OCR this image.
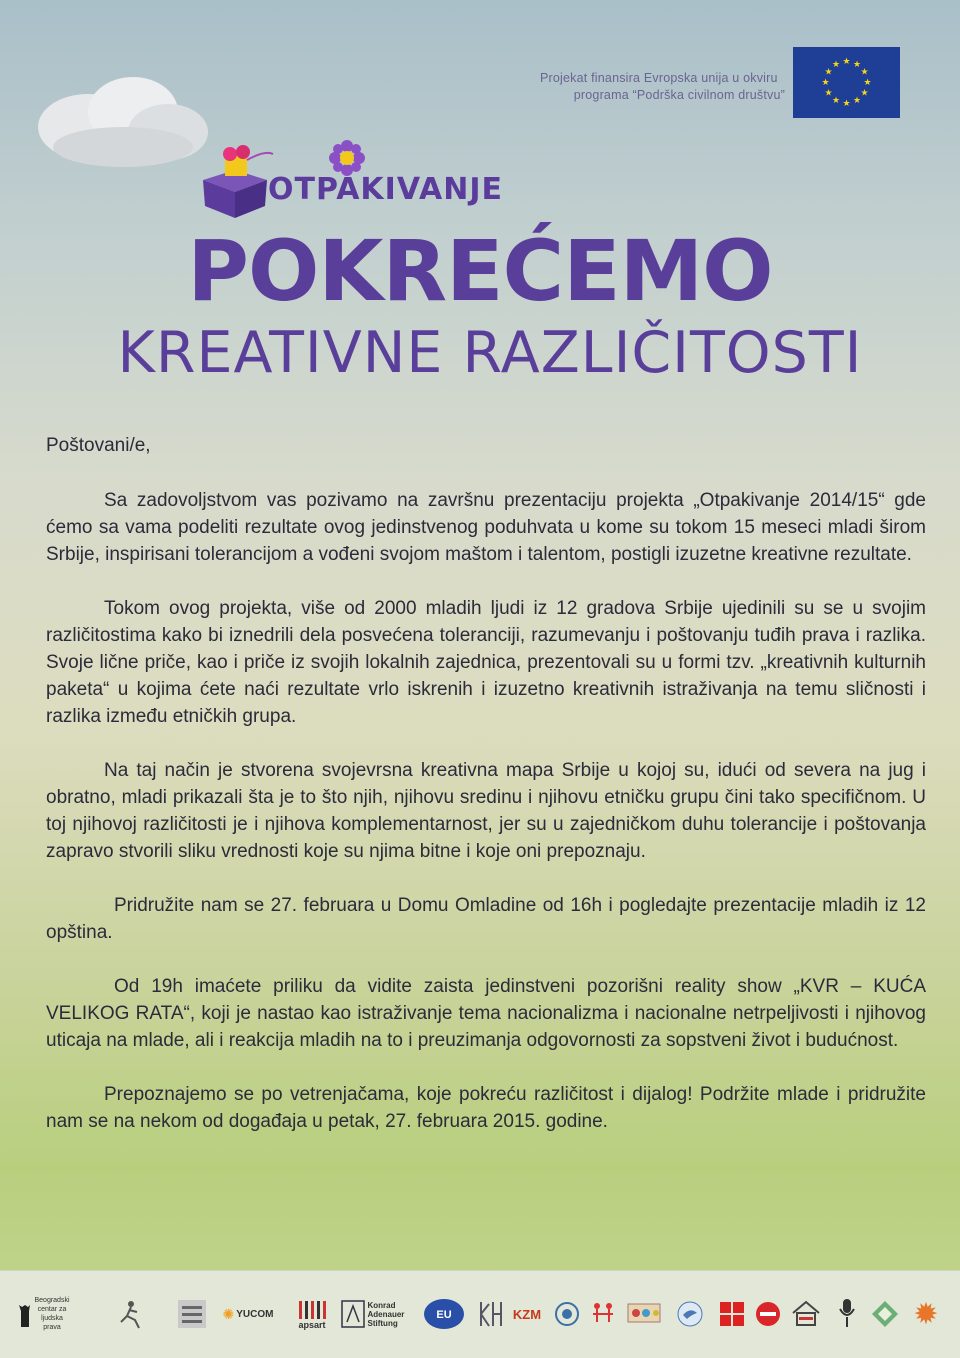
Projekat finansira Evropska unija u okviru
programa “Podrška civilnom društvu”
★ ★
★
★
★
★
★
★
★
★
★
★
OTPAKIVANJE
POKREĆEMO
KREATIVNE RAZLIČITOSTI

Poštovani/e,

Sa zadovoljstvom vas pozivamo na završnu prezentaciju projekta „Otpakivanje 2014/15“ gde ćemo sa vama podeliti rezultate ovog jedinstvenog poduhvata u kome su tokom 15 meseci mladi širom Srbije, inspirisani tolerancijom a vođeni svojom maštom i talentom, postigli izuzetne kreativne rezultate.

Tokom ovog projekta, više od 2000 mladih ljudi iz 12 gradova Srbije ujedinili su se u svojim različitostima kako bi iznedrili dela posvećena toleranciji, razumevanju i poštovanju tuđih prava i razlika. Svoje lične priče, kao i priče iz svojih lokalnih zajednica, prezentovali su u formi tzv. „kreativnih kulturnih paketa“ u kojima ćete naći rezultate vrlo iskrenih i izuzetno kreativnih istraživanja na temu sličnosti i razlika između etničkih grupa.

Na taj način je stvorena svojevrsna kreativna mapa Srbije u kojoj su, idući od severa na jug i obratno, mladi prikazali šta je to što njih, njihovu sredinu i njihovu etničku grupu čini tako specifičnom. U toj njihovoj različitosti je i njihova komplementarnost, jer su u zajedničkom duhu tolerancije i poštovanja zapravo stvorili sliku vrednosti koje su njima bitne i koje oni prepoznaju.

Pridružite nam se 27. februara u Domu Omladine od 16h i pogledajte prezentacije mladih iz 12 opština.

Od 19h imaćete priliku da vidite zaista jedinstveni pozorišni reality show „KVR – KUĆA VELIKOG RATA“, koji je nastao kao istraživanje tema nacionalizma i nacionalne netrpeljivosti i njihovog uticaja na mlade, ali i reakcija mladih na to i preuzimanja odgovornosti za sopstveni život i budućnost.

Prepoznajemo se po vetrenjačama, koje pokreću različitost i dijalog! Podržite mlade i pridružite nam se na nekom od događaja u petak, 27. februara 2015. godine.

Beogradski centar za ljudska prava
✺ YUCOM
apsart
Konrad Adenauer Stiftung
EU	KZM	✹
